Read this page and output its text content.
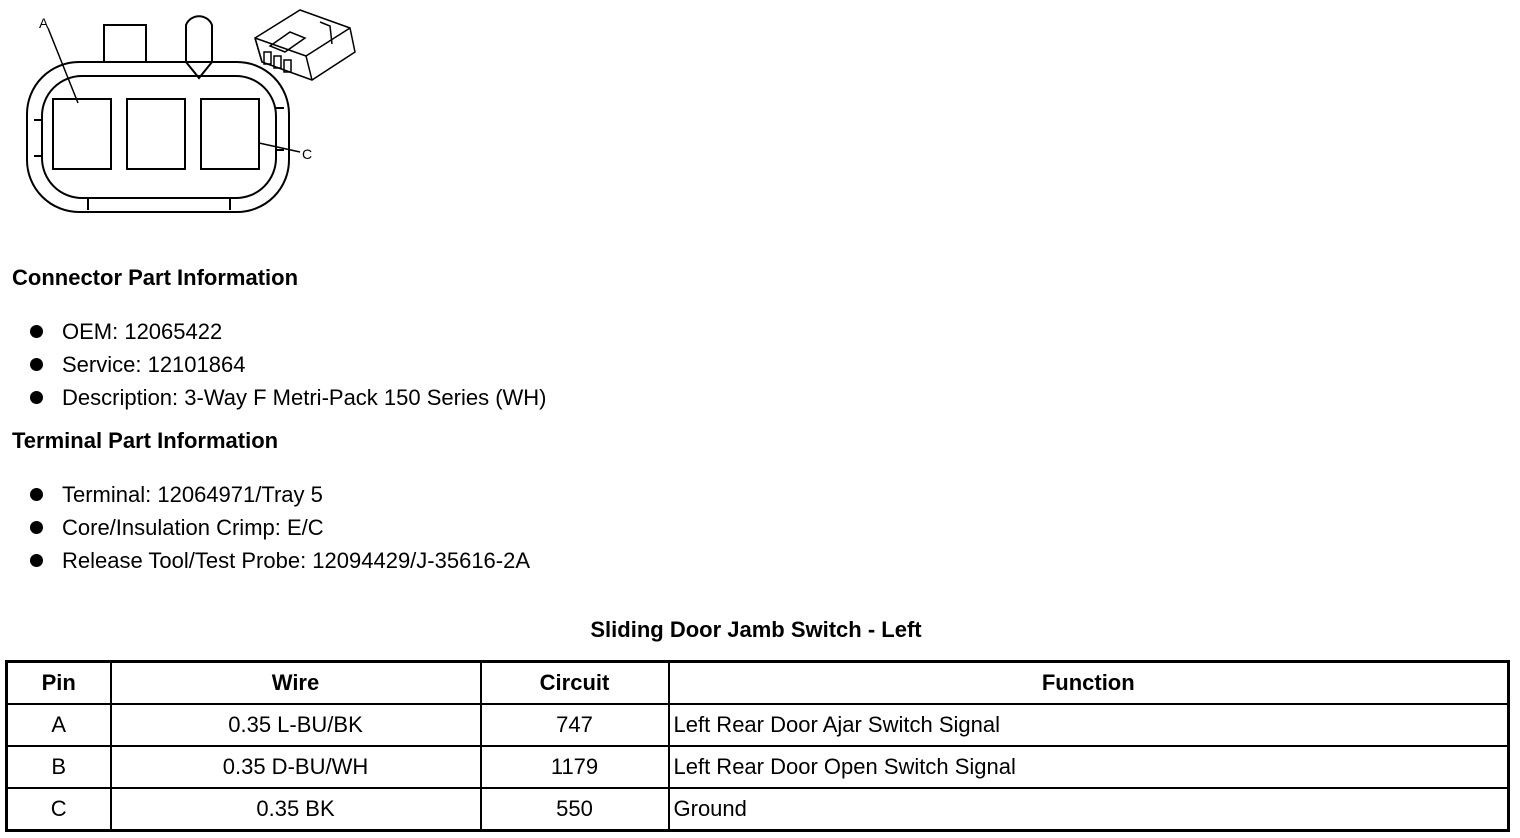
A
C
Connector Part Information
OEM: 12065422
Service: 12101864
Description: 3-Way F Metri-Pack 150 Series (WH)
Terminal Part Information
Terminal: 12064971/Tray 5
Core/Insulation Crimp: E/C
Release Tool/Test Probe: 12094429/J-35616-2A
Sliding Door Jamb Switch - Left
Pin	Wire	Circuit	Function
A	0.35 L-BU/BK	747	Left Rear Door Ajar Switch Signal
B	0.35 D-BU/WH	1179	Left Rear Door Open Switch Signal
C	0.35 BK	550	Ground
